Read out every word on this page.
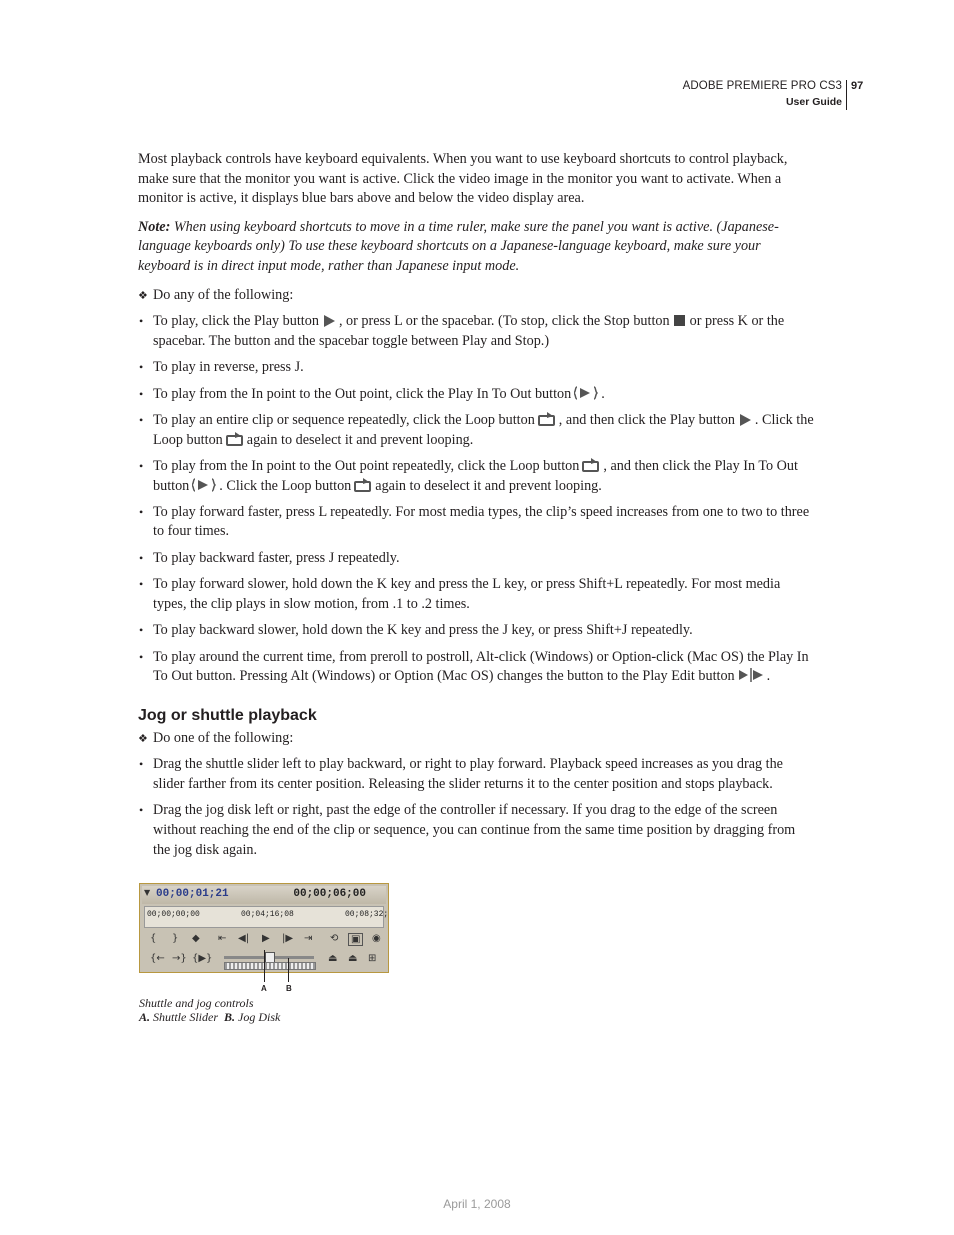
ADOBE PREMIERE PRO CS3
User Guide
97

Most playback controls have keyboard equivalents. When you want to use keyboard shortcuts to control playback, make sure that the monitor you want is active. Click the video image in the monitor you want to activate. When a monitor is active, it displays blue bars above and below the video display area.

Note: When using keyboard shortcuts to move in a time ruler, make sure the panel you want is active. (Japanese-language keyboards only) To use these keyboard shortcuts on a Japanese-language keyboard, make sure your keyboard is in direct input mode, rather than Japanese input mode.

❖ Do any of the following:

• To play, click the Play button , or press L or the spacebar. (To stop, click the Stop button or press K or the spacebar. The button and the spacebar toggle between Play and Stop.)
• To play in reverse, press J.
• To play from the In point to the Out point, click the Play In To Out button .
• To play an entire clip or sequence repeatedly, click the Loop button , and then click the Play button . Click the Loop button again to deselect it and prevent looping.
• To play from the In point to the Out point repeatedly, click the Loop button , and then click the Play In To Out button . Click the Loop button again to deselect it and prevent looping.
• To play forward faster, press L repeatedly. For most media types, the clip’s speed increases from one to two to three to four times.
• To play backward faster, press J repeatedly.
• To play forward slower, hold down the K key and press the L key, or press Shift+L repeatedly. For most media types, the clip plays in slow motion, from .1 to .2 times.
• To play backward slower, hold down the K key and press the J key, or press Shift+J repeatedly.
• To play around the current time, from preroll to postroll, Alt-click (Windows) or Option-click (Mac OS) the Play In To Out button. Pressing Alt (Windows) or Option (Mac OS) changes the button to the Play Edit button .
Jog or shuttle playback

❖ Do one of the following:

• Drag the shuttle slider left to play backward, or right to play forward. Playback speed increases as you drag the slider farther from its center position. Releasing the slider returns it to the center position and stops playback.
• Drag the jog disk left or right, past the edge of the controller if necessary. If you drag to the edge of the screen without reaching the end of the clip or sequence, you can continue from the same time position by dragging from the jog disk again.
▼ 00;00;01;21	00;00;06;00
00;00;00;00	00;04;16;08	00;08;32;
{ } ◆ ⇤ ◀| ▶ |▶ ⇥ ⟲	▣	◉
{← →} {▶}	⏏ ⏏ ⊞
A B
Shuttle and jog controls
A. Shuttle Slider B. Jog Disk
April 1, 2008
